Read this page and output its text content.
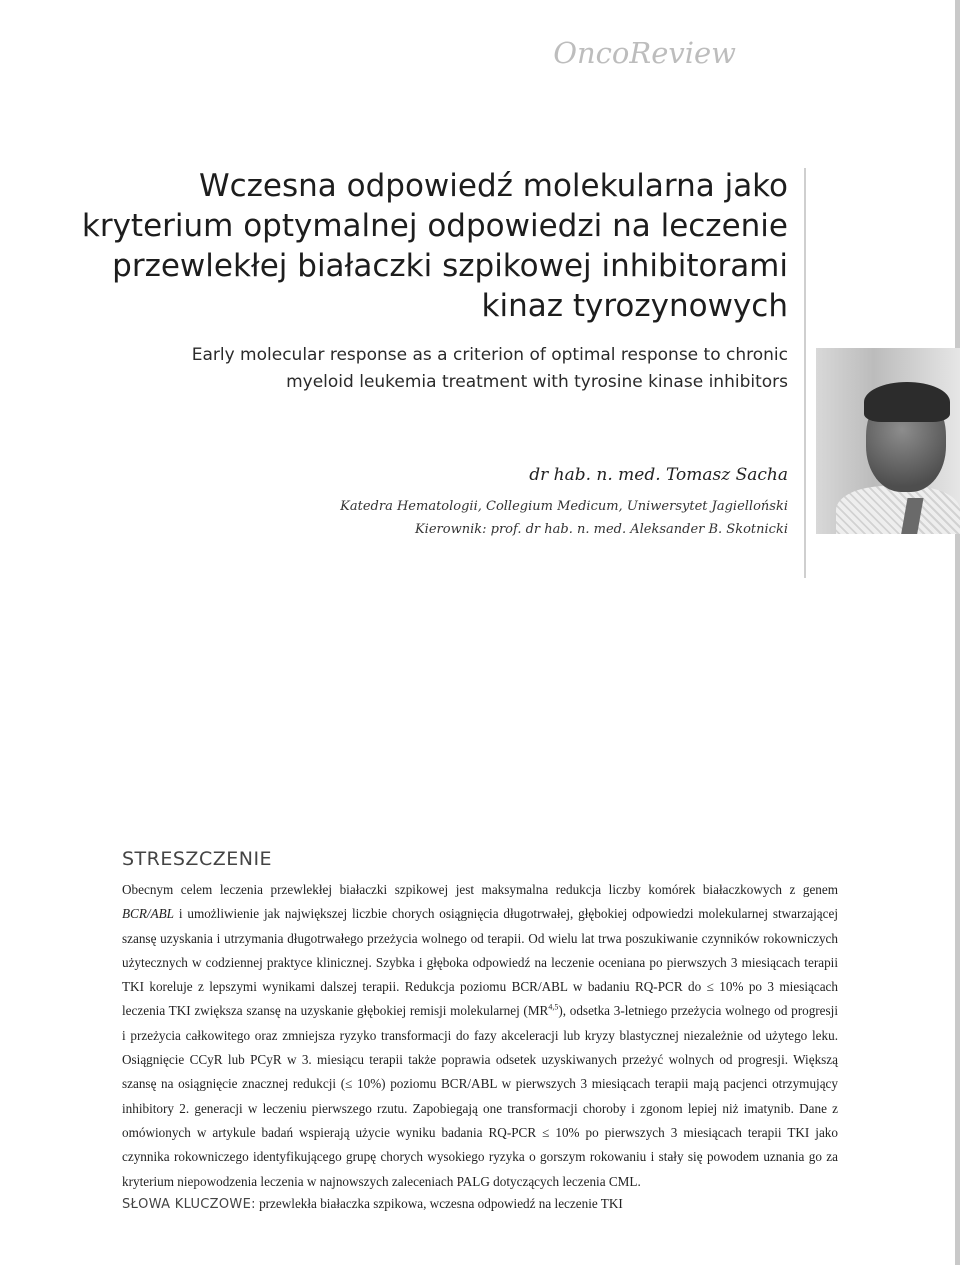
OncoReview
Wczesna odpowiedź molekularna jako
kryterium optymalnej odpowiedzi na leczenie
przewlekłej białaczki szpikowej inhibitorami
kinaz tyrozynowych
Early molecular response as a criterion of optimal response to chronic
myeloid leukemia treatment with tyrosine kinase inhibitors
dr hab. n. med. Tomasz Sacha
Katedra Hematologii, Collegium Medicum, Uniwersytet Jagielloński
Kierownik: prof. dr hab. n. med. Aleksander B. Skotnicki
STRESZCZENIE

Obecnym celem leczenia przewlekłej białaczki szpikowej jest maksymalna redukcja liczby komórek białaczkowych z genem BCR/ABL i umożliwienie jak największej liczbie chorych osiągnięcia długotrwałej, głębokiej odpowiedzi molekularnej stwarzającej szansę uzyskania i utrzymania długotrwałego przeżycia wolnego od terapii. Od wielu lat trwa poszukiwanie czynników rokowniczych użytecznych w codziennej praktyce klinicznej. Szybka i głęboka odpowiedź na leczenie oceniana po pierwszych 3 miesiącach terapii TKI koreluje z lepszymi wynikami dalszej terapii. Redukcja poziomu BCR/ABL w badaniu RQ-PCR do ≤ 10% po 3 miesiącach leczenia TKI zwiększa szansę na uzyskanie głębokiej remisji molekularnej (MR$^{4,5}$), odsetka 3-letniego przeżycia wolnego od progresji i przeżycia całkowitego oraz zmniejsza ryzyko transformacji do fazy akceleracji lub kryzy blastycznej niezależnie od użytego leku. Osiągnięcie CCyR lub PCyR w 3. miesiącu terapii także poprawia odsetek uzyskiwanych przeżyć wolnych od progresji. Większą szansę na osiągnięcie znacznej redukcji (≤ 10%) poziomu BCR/ABL w pierwszych 3 miesiącach terapii mają pacjenci otrzymujący inhibitory 2. generacji w leczeniu pierwszego rzutu. Zapobiegają one transformacji choroby i zgonom lepiej niż imatynib. Dane z omówionych w artykule badań wspierają użycie wyniku badania RQ-PCR ≤ 10% po pierwszych 3 miesiącach terapii TKI jako czynnika rokowniczego identyfikującego grupę chorych wysokiego ryzyka o gorszym rokowaniu i stały się powodem uznania go za kryterium niepowodzenia leczenia w najnowszych zaleceniach PALG dotyczących leczenia CML.

SŁOWA KLUCZOWE: przewlekła białaczka szpikowa, wczesna odpowiedź na leczenie TKI
